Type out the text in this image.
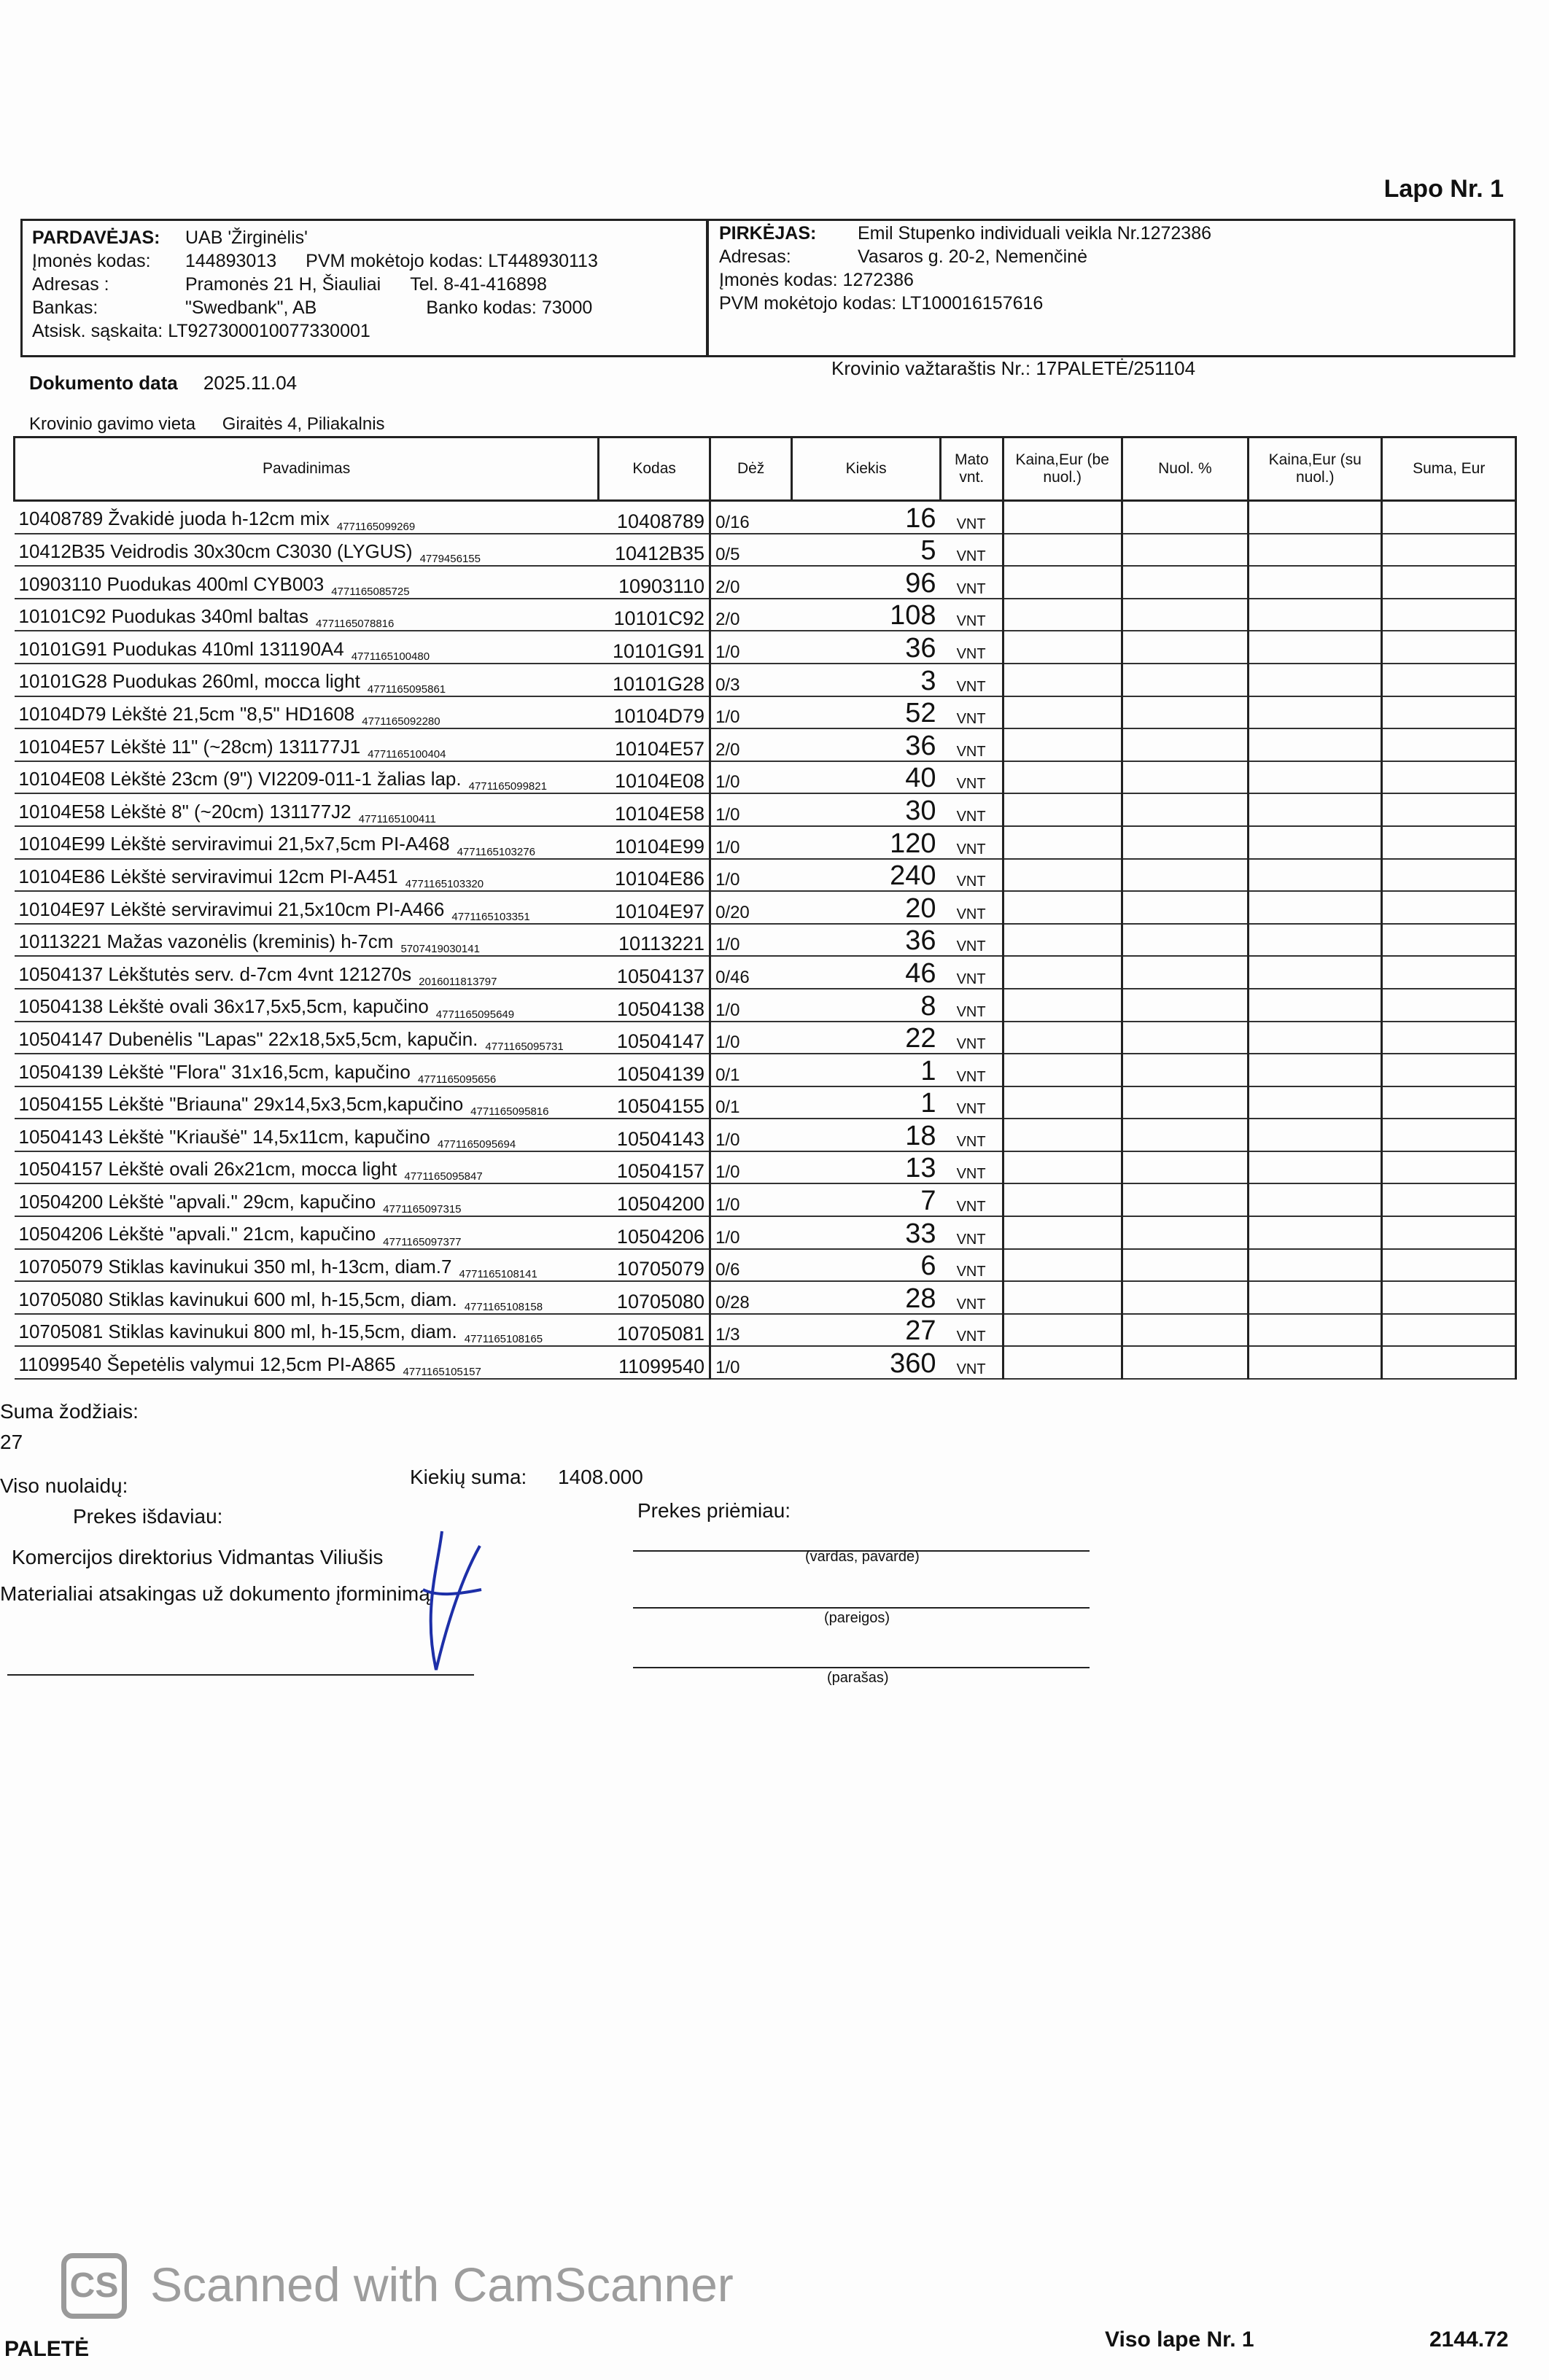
Lapo Nr. 1
PARDAVĖJAS:	UAB 'Žirginėlis'
Įmonės kodas:	144893013 PVM mokėtojo kodas:
LT448930113
Adresas :	Pramonės 21 H, Šiauliai Tel.
8-41-416898
Bankas:	"Swedbank", AB	Banko kodas:
73000
Atsisk. sąskaita:
LT927300010077330001
PIRKĖJAS:	Emil Stupenko individuali veikla Nr.1272386
Adresas:	Vasaros g. 20-2, Nemenčinė
Įmonės kodas:
1272386
PVM mokėtojo kodas:
LT100016157616
Dokumento data 2025.11.04
Krovinio važtaraštis Nr.: 17PALETĖ/251104
Krovinio gavimo vieta Giraitės 4, Piliakalnis
Pavadinimas	Kodas	Dėž	Kiekis	Mato vnt.	Kaina,Eur (be nuol.)	Nuol. %	Kaina,Eur (su nuol.)	Suma, Eur
10408789 Žvakidė juoda h-12cm mix $_{4771165099269}$	10408789	0/16	16	VNT				
10412B35 Veidrodis 30x30cm C3030 (LYGUS) $_{4779456155}$	10412B35	0/5	5	VNT				
10903110 Puodukas 400ml CYB003 $_{4771165085725}$	10903110	2/0	96	VNT				
10101C92 Puodukas 340ml baltas $_{4771165078816}$	10101C92	2/0	108	VNT				
10101G91 Puodukas 410ml 131190A4 $_{4771165100480}$	10101G91	1/0	36	VNT				
10101G28 Puodukas 260ml, mocca light $_{4771165095861}$	10101G28	0/3	3	VNT				
10104D79 Lėkštė 21,5cm "8,5" HD1608 $_{4771165092280}$	10104D79	1/0	52	VNT				
10104E57 Lėkštė 11" (~28cm) 131177J1 $_{4771165100404}$	10104E57	2/0	36	VNT				
10104E08 Lėkštė 23cm (9") VI2209-011-1 žalias lap. $_{4771165099821}$	10104E08	1/0	40	VNT				
10104E58 Lėkštė 8" (~20cm) 131177J2 $_{4771165100411}$	10104E58	1/0	30	VNT				
10104E99 Lėkštė serviravimui 21,5x7,5cm PI-A468 $_{4771165103276}$	10104E99	1/0	120	VNT				
10104E86 Lėkštė serviravimui 12cm PI-A451 $_{4771165103320}$	10104E86	1/0	240	VNT				
10104E97 Lėkštė serviravimui 21,5x10cm PI-A466 $_{4771165103351}$	10104E97	0/20	20	VNT				
10113221 Mažas vazonėlis (kreminis) h-7cm $_{5707419030141}$	10113221	1/0	36	VNT				
10504137 Lėkštutės serv. d-7cm 4vnt 121270s $_{2016011813797}$	10504137	0/46	46	VNT				
10504138 Lėkštė ovali 36x17,5x5,5cm, kapučino $_{4771165095649}$	10504138	1/0	8	VNT				
10504147 Dubenėlis "Lapas" 22x18,5x5,5cm, kapučin. $_{4771165095731}$	10504147	1/0	22	VNT				
10504139 Lėkštė "Flora" 31x16,5cm, kapučino $_{4771165095656}$	10504139	0/1	1	VNT				
10504155 Lėkštė "Briauna" 29x14,5x3,5cm,kapučino $_{4771165095816}$	10504155	0/1	1	VNT				
10504143 Lėkštė "Kriaušė" 14,5x11cm, kapučino $_{4771165095694}$	10504143	1/0	18	VNT				
10504157 Lėkštė ovali 26x21cm, mocca light $_{4771165095847}$	10504157	1/0	13	VNT				
10504200 Lėkštė "apvali." 29cm, kapučino $_{4771165097315}$	10504200	1/0	7	VNT				
10504206 Lėkštė "apvali." 21cm, kapučino $_{4771165097377}$	10504206	1/0	33	VNT				
10705079 Stiklas kavinukui 350 ml, h-13cm, diam.7 $_{4771165108141}$	10705079	0/6	6	VNT				
10705080 Stiklas kavinukui 600 ml, h-15,5cm, diam. $_{4771165108158}$	10705080	0/28	28	VNT				
10705081 Stiklas kavinukui 800 ml, h-15,5cm, diam. $_{4771165108165}$	10705081	1/3	27	VNT				
11099540 Šepetėlis valymui 12,5cm PI-A865 $_{4771165105157}$	11099540	1/0	360	VNT				
Suma žodžiais:
27
Viso nuolaidų:	Kiekių suma: 1408.000
Prekes išdaviau:	Prekes priėmiau:
Komercijos direktorius Vidmantas Viliušis
Materialiai atsakingas už dokumento įforminimą
(vardas, pavardė)
(pareigos)
(parašas)
CS Scanned with CamScanner
PALETĖ	Viso lape Nr. 1	2144.72
